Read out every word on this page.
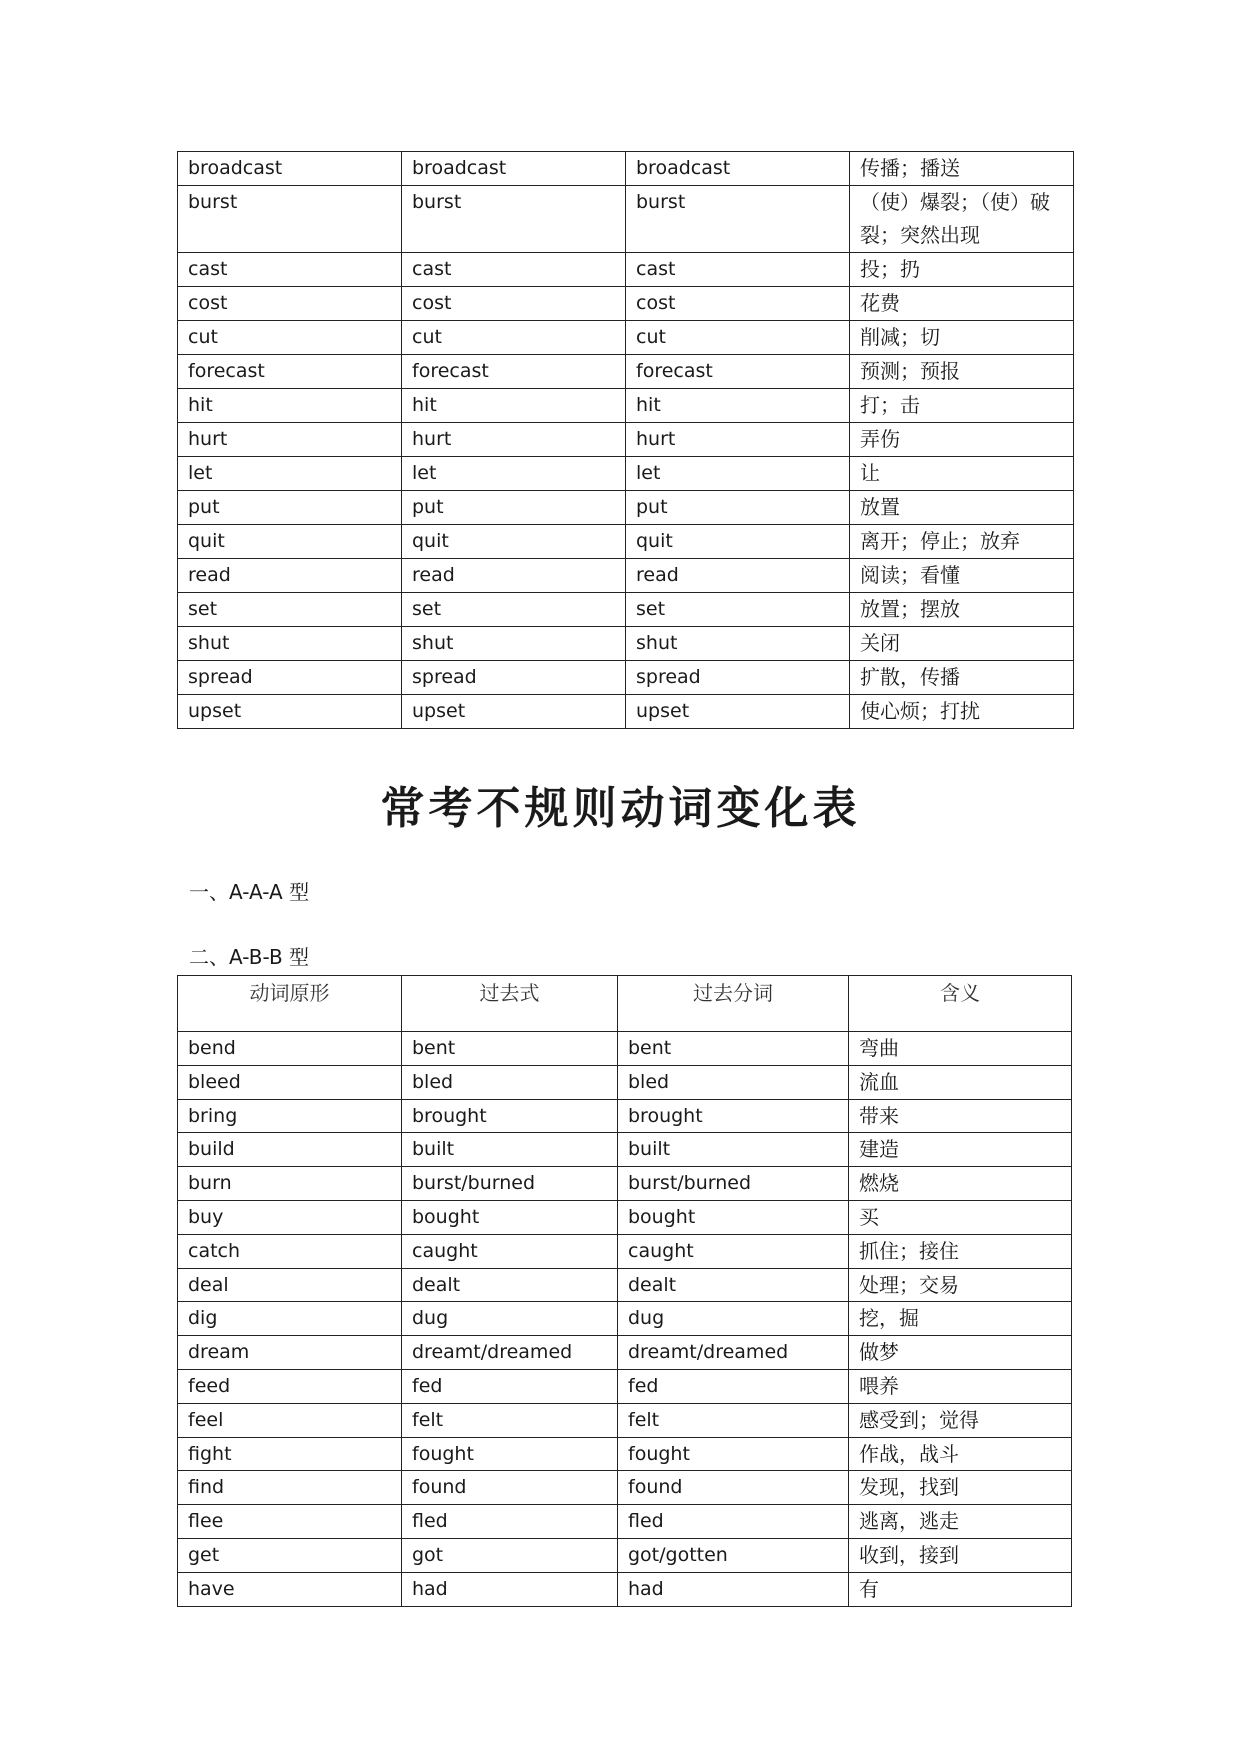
broadcast	broadcast	broadcast	传播；播送
burst	burst	burst	（使）爆裂；（使）破裂；突然出现
cast	cast	cast	投；扔
cost	cost	cost	花费
cut	cut	cut	削减；切
forecast	forecast	forecast	预测；预报
hit	hit	hit	打；击
hurt	hurt	hurt	弄伤
let	let	let	让
put	put	put	放置
quit	quit	quit	离开；停止；放弃
read	read	read	阅读；看懂
set	set	set	放置；摆放
shut	shut	shut	关闭
spread	spread	spread	扩散，传播
upset	upset	upset	使心烦；打扰
常考不规则动词变化表
一、A-A-A 型
二、A-B-B 型
动词原形	过去式	过去分词	含义
bend	bent	bent	弯曲
bleed	bled	bled	流血
bring	brought	brought	带来
build	built	built	建造
burn	burst/burned	burst/burned	燃烧
buy	bought	bought	买
catch	caught	caught	抓住；接住
deal	dealt	dealt	处理；交易
dig	dug	dug	挖，掘
dream	dreamt/dreamed	dreamt/dreamed	做梦
feed	fed	fed	喂养
feel	felt	felt	感受到；觉得
fight	fought	fought	作战，战斗
find	found	found	发现，找到
flee	fled	fled	逃离，逃走
get	got	got/gotten	收到，接到
have	had	had	有
